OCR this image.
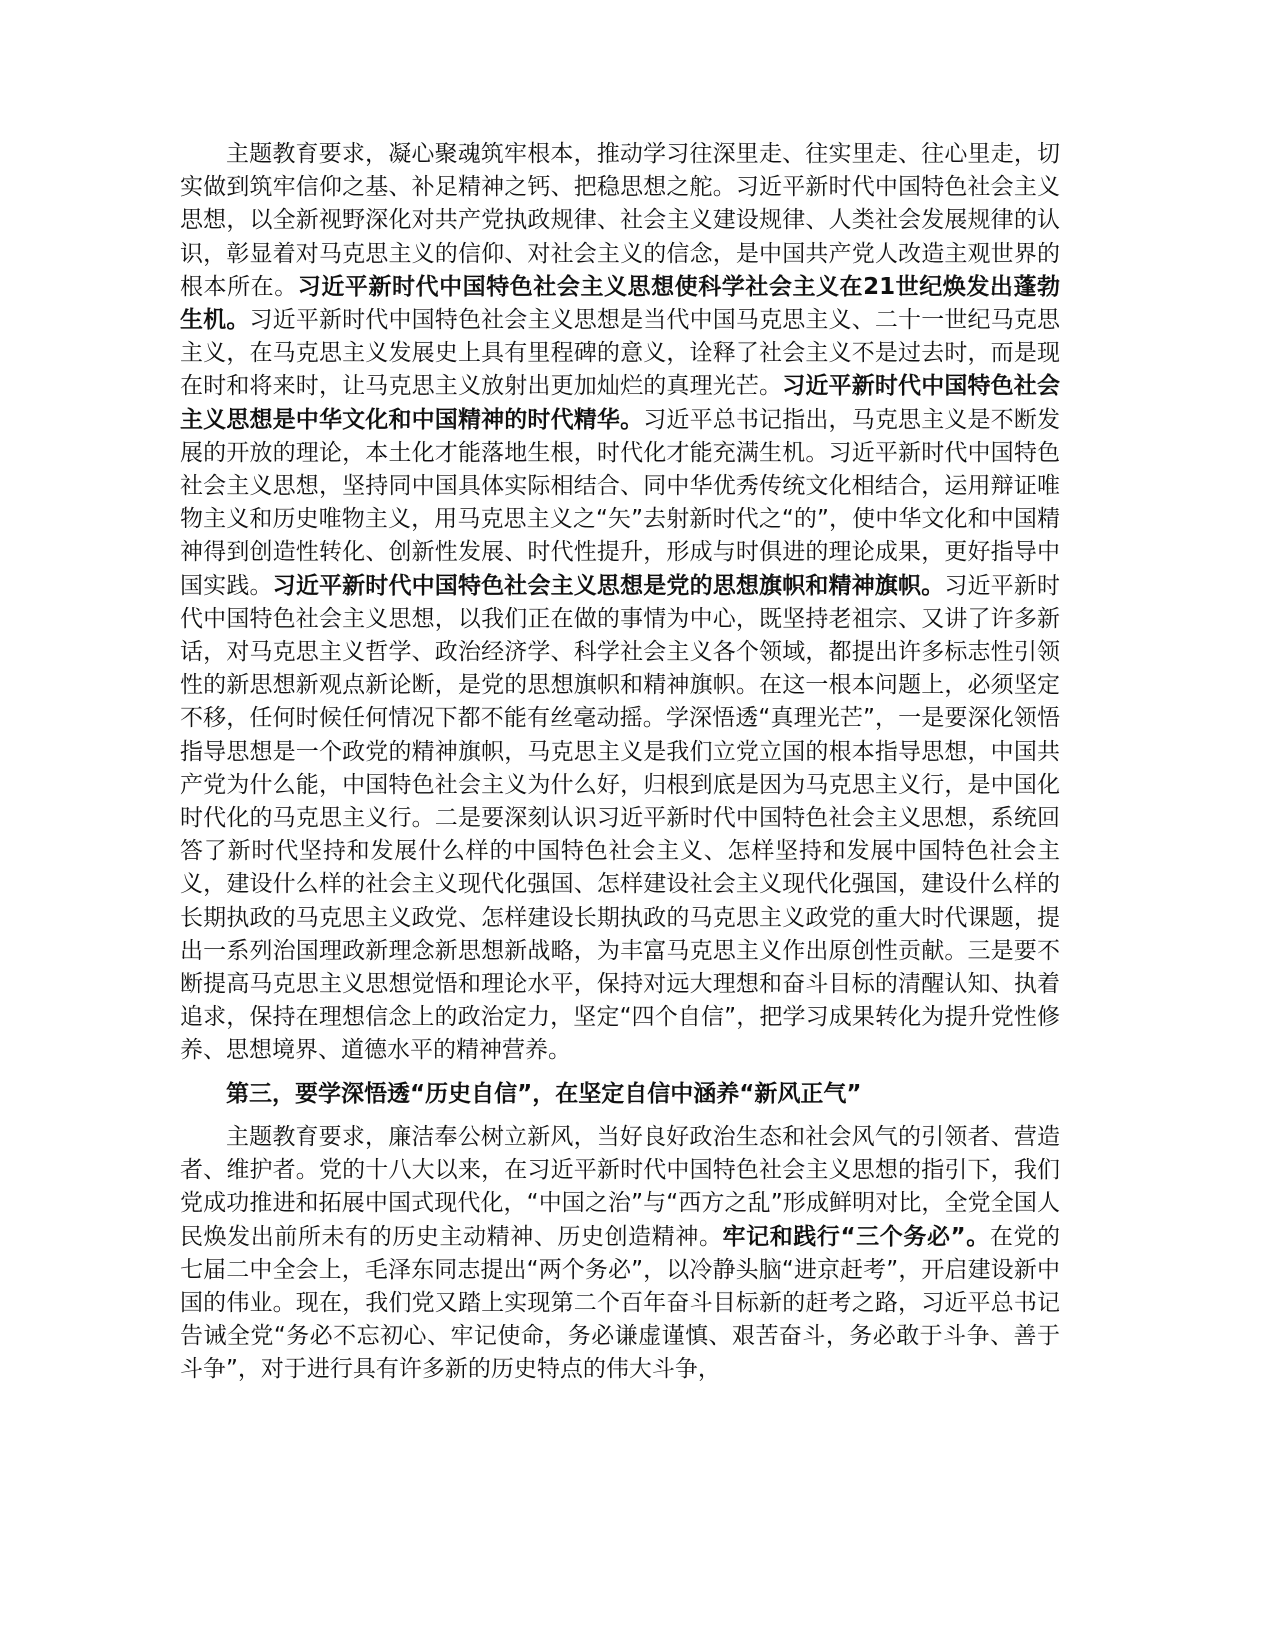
主题教育要求，凝心聚魂筑牢根本，推动学习往深里走、往实里走、往心里走，切实做到筑牢信仰之基、补足精神之钙、把稳思想之舵。习近平新时代中国特色社会主义思想，以全新视野深化对共产党执政规律、社会主义建设规律、人类社会发展规律的认识，彰显着对马克思主义的信仰、对社会主义的信念，是中国共产党人改造主观世界的根本所在。习近平新时代中国特色社会主义思想使科学社会主义在21世纪焕发出蓬勃生机。习近平新时代中国特色社会主义思想是当代中国马克思主义、二十一世纪马克思主义，在马克思主义发展史上具有里程碑的意义，诠释了社会主义不是过去时，而是现在时和将来时，让马克思主义放射出更加灿烂的真理光芒。习近平新时代中国特色社会主义思想是中华文化和中国精神的时代精华。习近平总书记指出，马克思主义是不断发展的开放的理论，本土化才能落地生根，时代化才能充满生机。习近平新时代中国特色社会主义思想，坚持同中国具体实际相结合、同中华优秀传统文化相结合，运用辩证唯物主义和历史唯物主义，用马克思主义之“矢”去射新时代之“的”，使中华文化和中国精神得到创造性转化、创新性发展、时代性提升，形成与时俱进的理论成果，更好指导中国实践。习近平新时代中国特色社会主义思想是党的思想旗帜和精神旗帜。习近平新时代中国特色社会主义思想，以我们正在做的事情为中心，既坚持老祖宗、又讲了许多新话，对马克思主义哲学、政治经济学、科学社会主义各个领域，都提出许多标志性引领性的新思想新观点新论断，是党的思想旗帜和精神旗帜。在这一根本问题上，必须坚定不移，任何时候任何情况下都不能有丝毫动摇。学深悟透“真理光芒”，一是要深化领悟指导思想是一个政党的精神旗帜，马克思主义是我们立党立国的根本指导思想，中国共产党为什么能，中国特色社会主义为什么好，归根到底是因为马克思主义行，是中国化时代化的马克思主义行。二是要深刻认识习近平新时代中国特色社会主义思想，系统回答了新时代坚持和发展什么样的中国特色社会主义、怎样坚持和发展中国特色社会主义，建设什么样的社会主义现代化强国、怎样建设社会主义现代化强国，建设什么样的长期执政的马克思主义政党、怎样建设长期执政的马克思主义政党的重大时代课题，提出一系列治国理政新理念新思想新战略，为丰富马克思主义作出原创性贡献。三是要不断提高马克思主义思想觉悟和理论水平，保持对远大理想和奋斗目标的清醒认知、执着追求，保持在理想信念上的政治定力，坚定“四个自信”，把学习成果转化为提升党性修养、思想境界、道德水平的精神营养。

第三，要学深悟透“历史自信”，在坚定自信中涵养“新风正气”

主题教育要求，廉洁奉公树立新风，当好良好政治生态和社会风气的引领者、营造者、维护者。党的十八大以来，在习近平新时代中国特色社会主义思想的指引下，我们党成功推进和拓展中国式现代化，“中国之治”与“西方之乱”形成鲜明对比，全党全国人民焕发出前所未有的历史主动精神、历史创造精神。牢记和践行“三个务必”。在党的七届二中全会上，毛泽东同志提出“两个务必”，以冷静头脑“进京赶考”，开启建设新中国的伟业。现在，我们党又踏上实现第二个百年奋斗目标新的赶考之路，习近平总书记告诫全党“务必不忘初心、牢记使命，务必谦虚谨慎、艰苦奋斗，务必敢于斗争、善于斗争”，对于进行具有许多新的历史特点的伟大斗争，
